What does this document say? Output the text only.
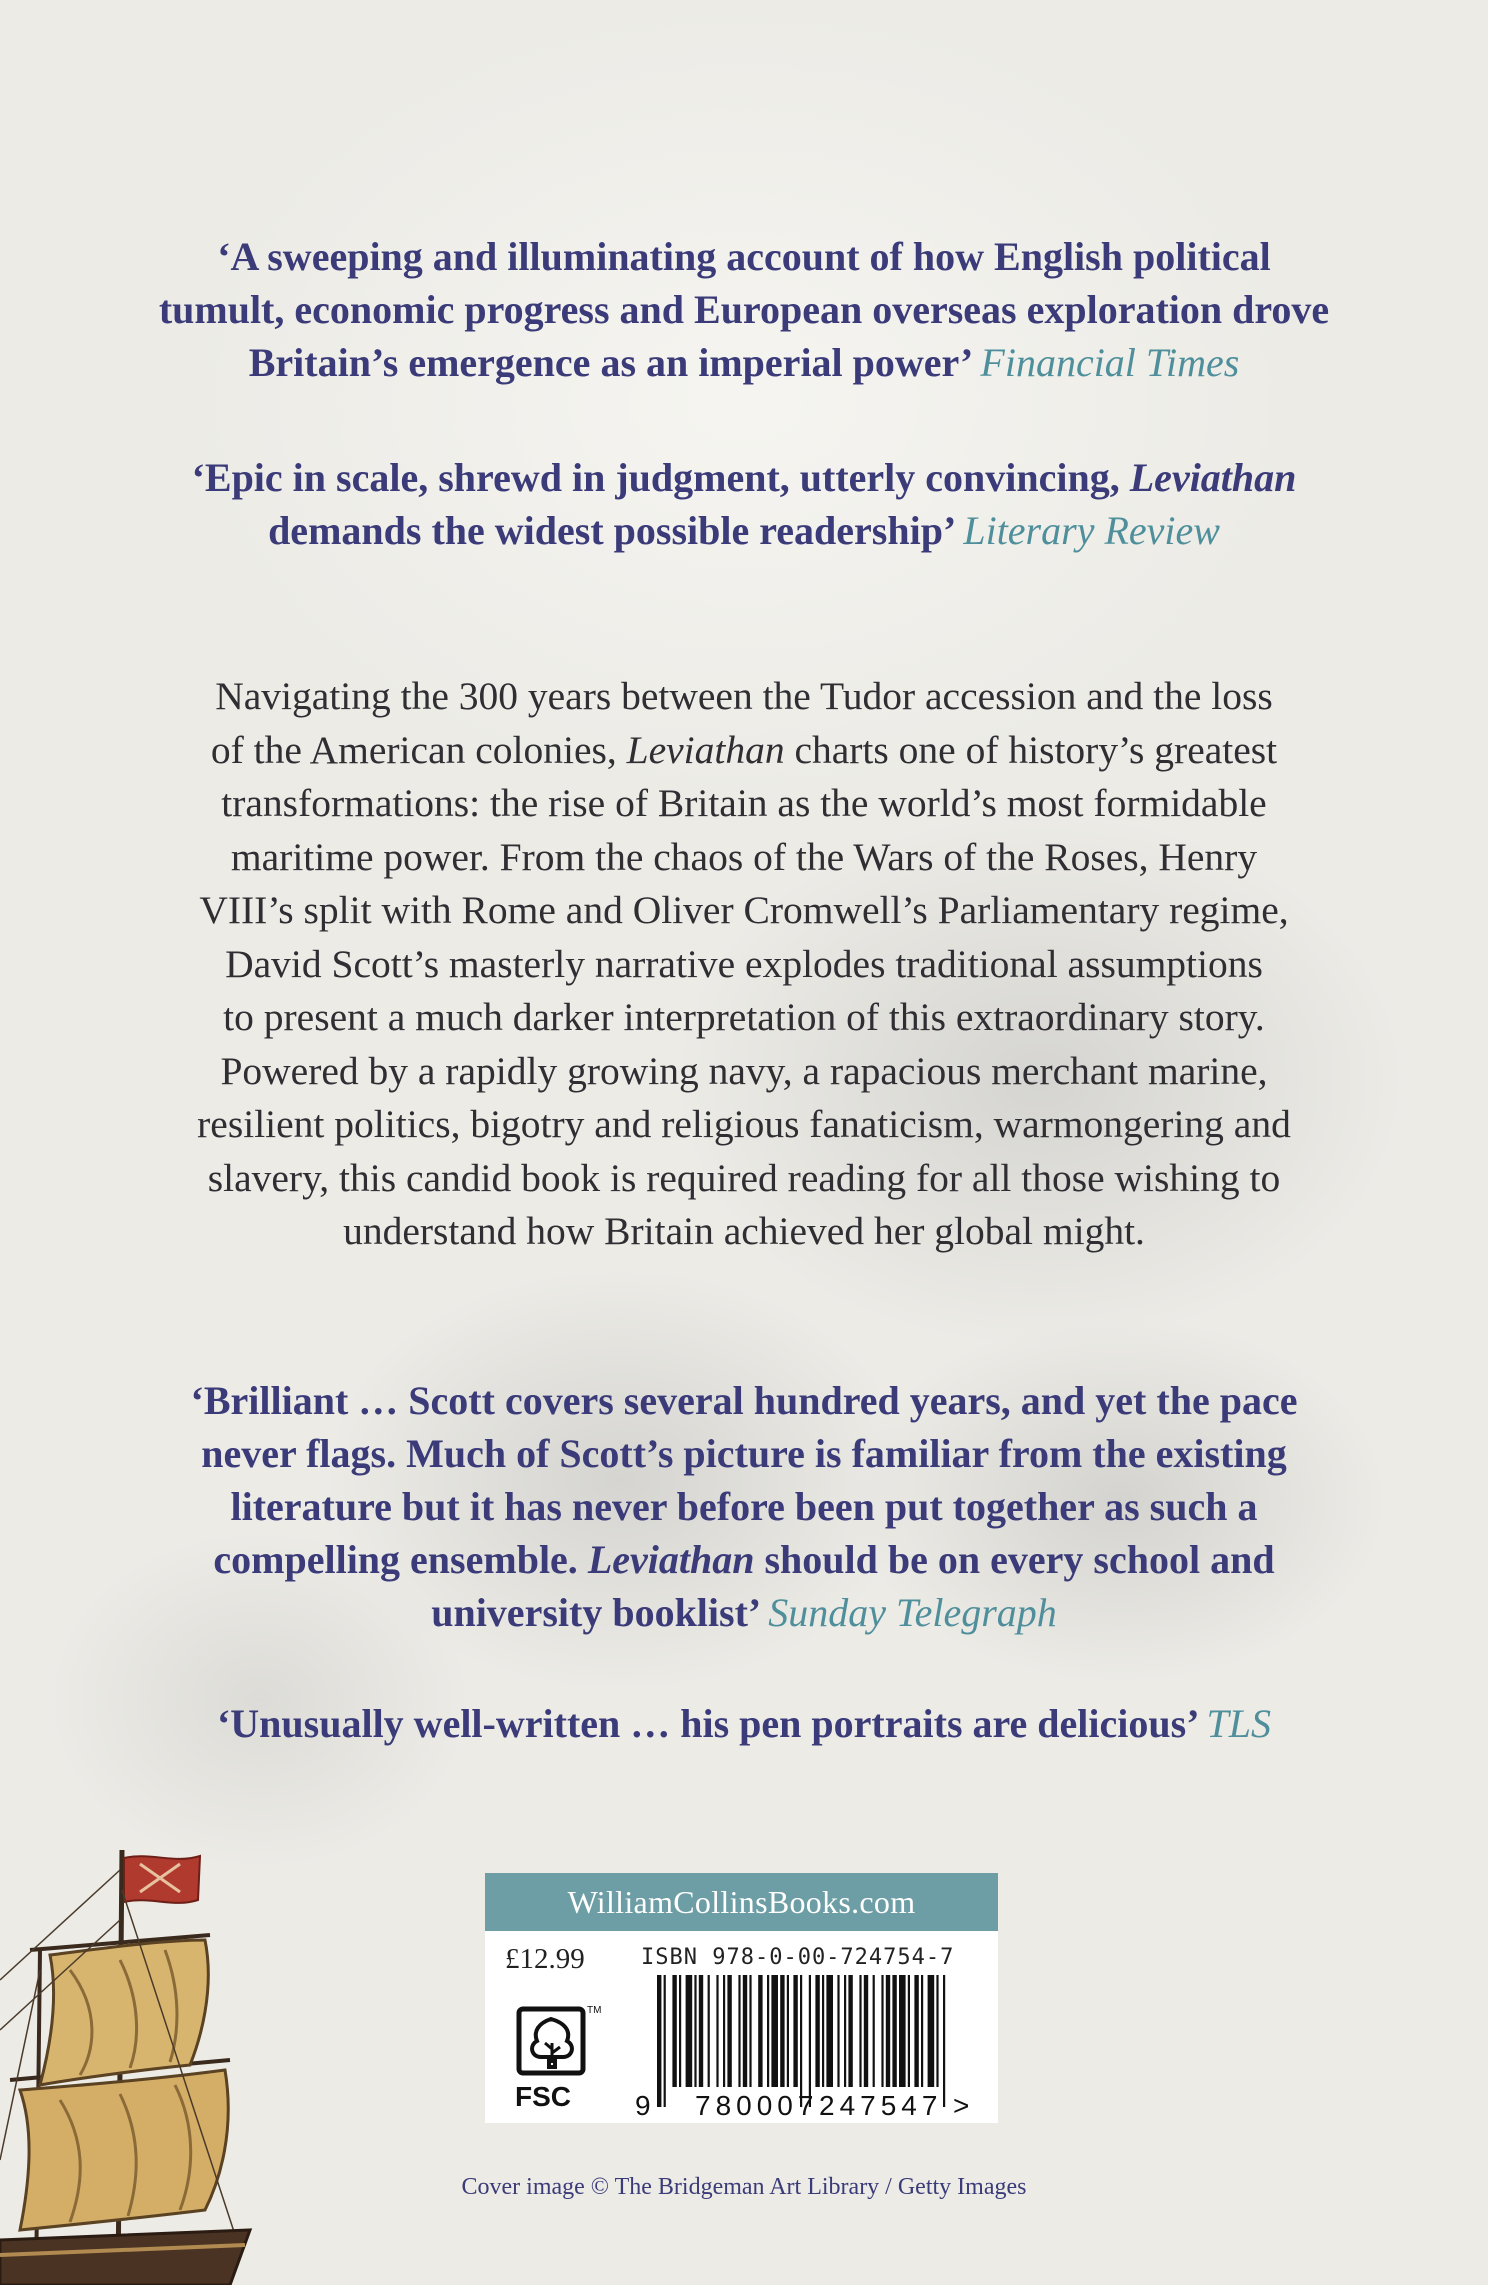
‘A sweeping and illuminating account of how English political
tumult, economic progress and European overseas exploration drove
Britain’s emergence as an imperial power’ Financial Times

‘Epic in scale, shrewd in judgment, utterly convincing, Leviathan
demands the widest possible readership’ Literary Review

Navigating the 300 years between the Tudor accession and the loss
of the American colonies, Leviathan charts one of history’s greatest
transformations: the rise of Britain as the world’s most formidable
maritime power. From the chaos of the Wars of the Roses, Henry
VIII’s split with Rome and Oliver Cromwell’s Parliamentary regime,
David Scott’s masterly narrative explodes traditional assumptions
to present a much darker interpretation of this extraordinary story.
Powered by a rapidly growing navy, a rapacious merchant marine,
resilient politics, bigotry and religious fanaticism, warmongering and
slavery, this candid book is required reading for all those wishing to
understand how Britain achieved her global might.

‘Brilliant … Scott covers several hundred years, and yet the pace
never flags. Much of Scott’s picture is familiar from the existing
literature but it has never before been put together as such a
compelling ensemble. Leviathan should be on every school and
university booklist’ Sunday Telegraph

‘Unusually well-written … his pen portraits are delicious’ TLS

WilliamCollinsBooks.com
£12.99	ISBN 978-0-00-724754-7
TM
FSC 9 780007 247547 >
Cover image © The Bridgeman Art Library / Getty Images
